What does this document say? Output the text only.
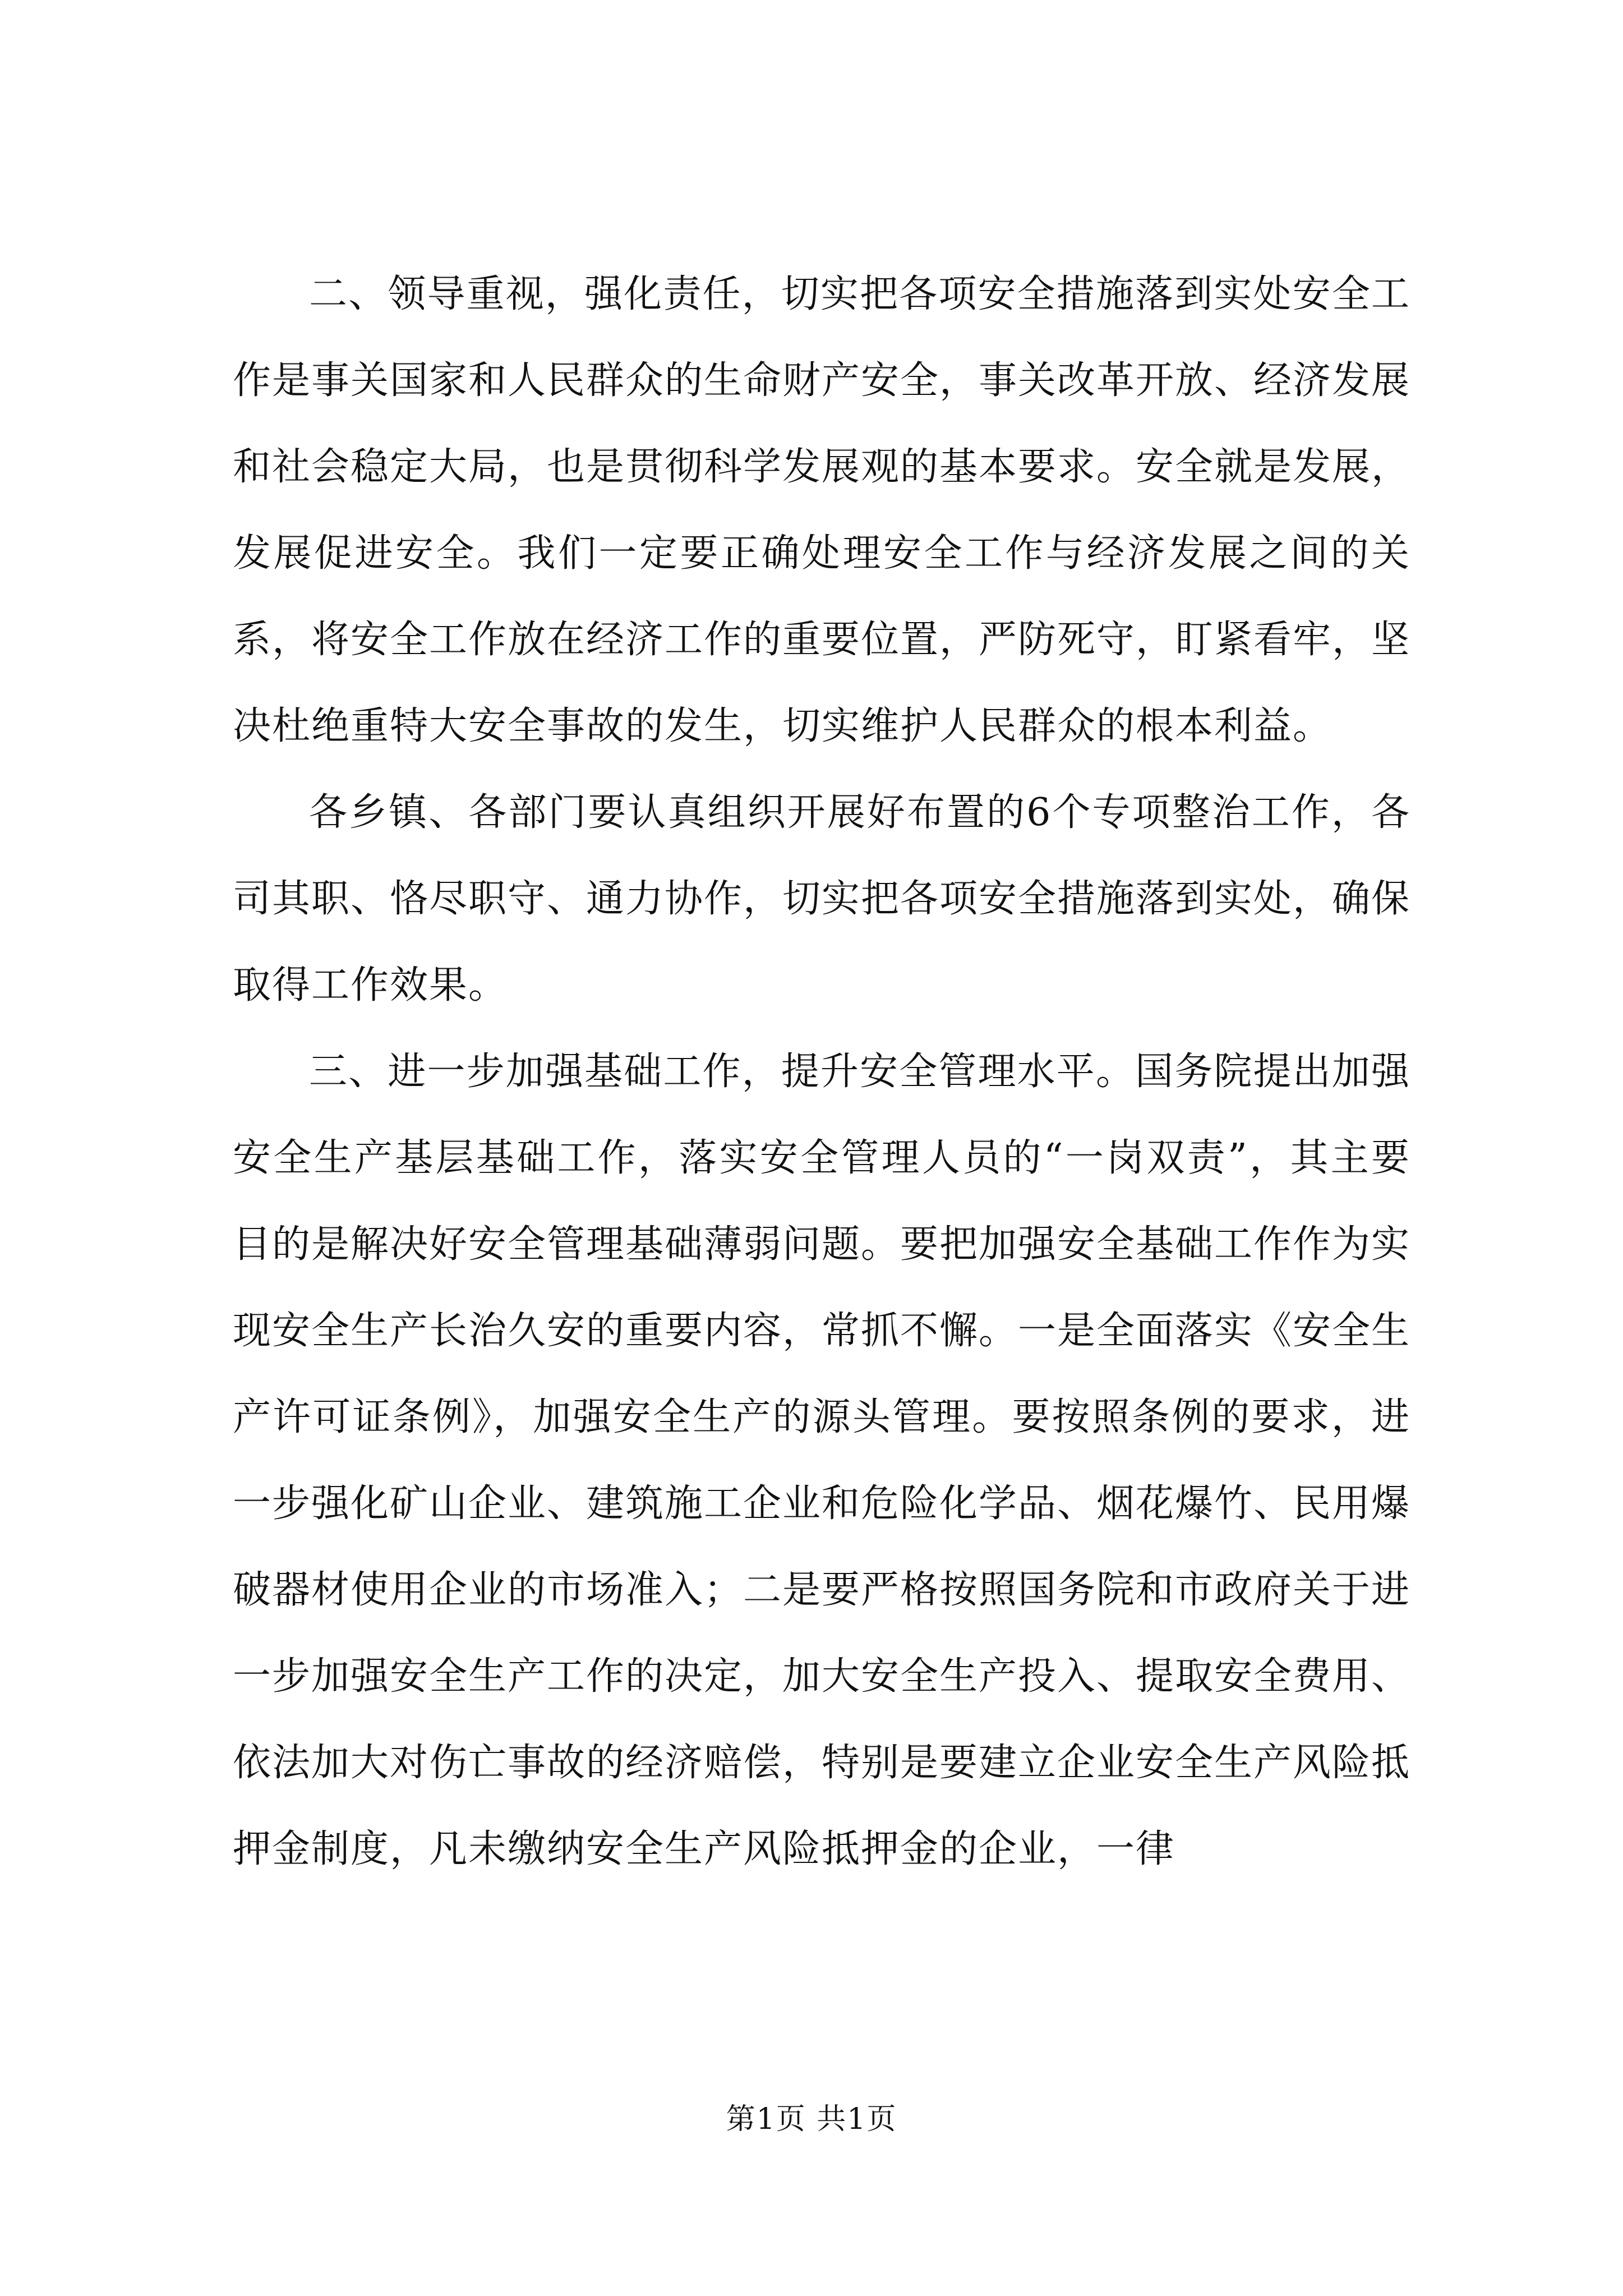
二、领导重视，强化责任，切实把各项安全措施落到实处安全工作是事关国家和人民群众的生命财产安全，事关改革开放、经济发展和社会稳定大局，也是贯彻科学发展观的基本要求。安全就是发展，发展促进安全。我们一定要正确处理安全工作与经济发展之间的关系，将安全工作放在经济工作的重要位置，严防死守，盯紧看牢，坚决杜绝重特大安全事故的发生，切实维护人民群众的根本利益。

各乡镇、各部门要认真组织开展好布置的6个专项整治工作，各司其职、恪尽职守、通力协作，切实把各项安全措施落到实处，确保取得工作效果。

三、进一步加强基础工作，提升安全管理水平。国务院提出加强安全生产基层基础工作，落实安全管理人员的“一岗双责”，其主要目的是解决好安全管理基础薄弱问题。要把加强安全基础工作作为实现安全生产长治久安的重要内容，常抓不懈。一是全面落实《安全生产许可证条例》，加强安全生产的源头管理。要按照条例的要求，进一步强化矿山企业、建筑施工企业和危险化学品、烟花爆竹、民用爆破器材使用企业的市场准入；二是要严格按照国务院和市政府关于进一步加强安全生产工作的决定，加大安全生产投入、提取安全费用、依法加大对伤亡事故的经济赔偿，特别是要建立企业安全生产风险抵押金制度，凡未缴纳安全生产风险抵押金的企业，一律

第1页 共1页
